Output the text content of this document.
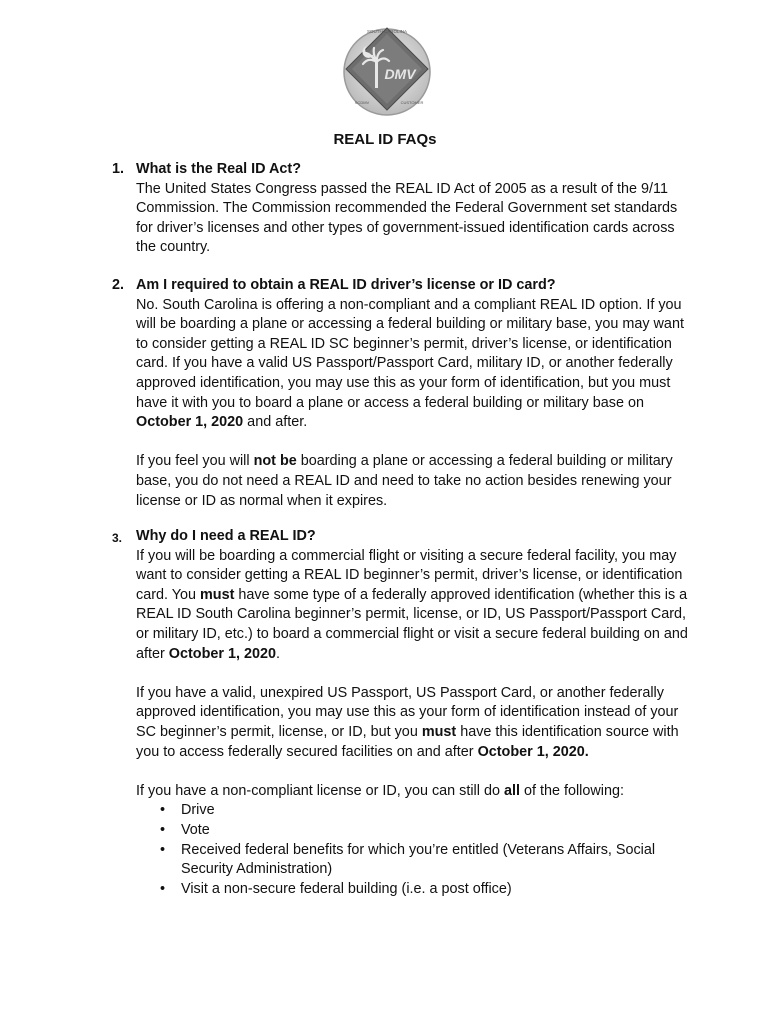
DMV
SOUTH CAROLINA
SCDMV	CUSTOMER
REAL ID FAQs
1. What is the Real ID Act?

The United States Congress passed the REAL ID Act of 2005 as a result of the 9/11 Commission. The Commission recommended the Federal Government set standards for driver’s licenses and other types of government-issued identification cards across the country.

2. Am I required to obtain a REAL ID driver’s license or ID card?

No. South Carolina is offering a non-compliant and a compliant REAL ID option. If you will be boarding a plane or accessing a federal building or military base, you may want to consider getting a REAL ID SC beginner’s permit, driver’s license, or identification card. If you have a valid US Passport/Passport Card, military ID, or another federally approved identification, you may use this as your form of identification, but you must have it with you to board a plane or access a federal building or military base on October 1, 2020 and after.

If you feel you will not be boarding a plane or accessing a federal building or military base, you do not need a REAL ID and need to take no action besides renewing your license or ID as normal when it expires.

3. Why do I need a REAL ID?

If you will be boarding a commercial flight or visiting a secure federal facility, you may want to consider getting a REAL ID beginner’s permit, driver’s license, or identification card. You must have some type of a federally approved identification (whether this is a REAL ID South Carolina beginner’s permit, license, or ID, US Passport/Passport Card, or military ID, etc.) to board a commercial flight or visit a secure federal building on and after October 1, 2020.

If you have a valid, unexpired US Passport, US Passport Card, or another federally approved identification, you may use this as your form of identification instead of your SC beginner’s permit, license, or ID, but you must have this identification source with you to access federally secured facilities on and after October 1, 2020.

If you have a non-compliant license or ID, you can still do all of the following:

• Drive
• Vote
• Received federal benefits for which you’re entitled (Veterans Affairs, Social Security Administration)
• Visit a non-secure federal building (i.e. a post office)
